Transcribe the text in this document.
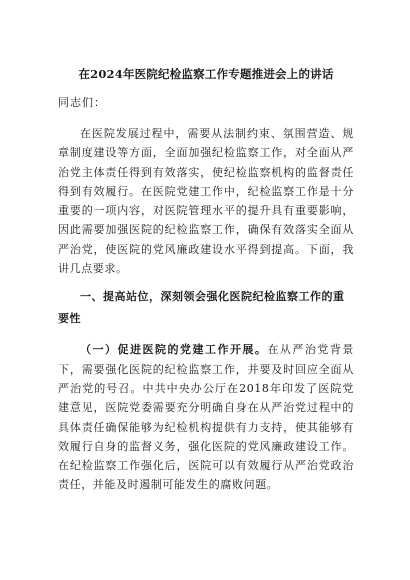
在2024年医院纪检监察工作专题推进会上的讲话
同志们：

在医院发展过程中，需要从法制约束、氛围营造、规章制度建设等方面，全面加强纪检监察工作，对全面从严治党主体责任得到有效落实，使纪检监察机构的监督责任得到有效履行。在医院党建工作中，纪检监察工作是十分重要的一项内容，对医院管理水平的提升具有重要影响，因此需要加强医院的纪检监察工作，确保有效落实全面从严治党，使医院的党风廉政建设水平得到提高。下面，我讲几点要求。

一、提高站位，深刻领会强化医院纪检监察工作的重要性

（一）促进医院的党建工作开展。在从严治党背景下，需要强化医院的纪检监察工作，并要及时回应全面从严治党的号召。中共中央办公厅在2018年印发了医院党建意见，医院党委需要充分明确自身在从严治党过程中的具体责任确保能够为纪检机构提供有力支持，使其能够有效履行自身的监督义务，强化医院的党风廉政建设工作。在纪检监察工作强化后，医院可以有效履行从严治党政治责任，并能及时遏制可能发生的腐败问题。
